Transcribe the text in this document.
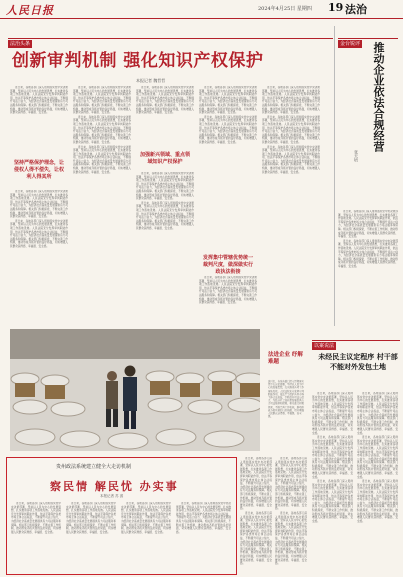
人民日报	2024年4月25日 星期四 19 法治
法治头条
创新审判机制 强化知识产权保护
本报记者 魏哲哲

连日来，各地各部门深入贯彻落实党中央决策部署，坚持以人民为中心的发展思想，扎实推进各项工作落地见效。人民法院充分发挥审判职能作用，依法平等保护各类市场主体合法权益，不断提升司法公信力，为经济社会高质量发展提供有力司法服务和保障。相关部门积极探索，不断完善工作机制，推动形成齐抓共管的良好局面，切实增强人民群众获得感、幸福感、安全感。

坚持严格保护理念，让侵权人得不偿失，让权利人得其所

连日来，各地各部门深入贯彻落实党中央决策部署，坚持以人民为中心的发展思想，扎实推进各项工作落地见效。人民法院充分发挥审判职能作用，依法平等保护各类市场主体合法权益，不断提升司法公信力，为经济社会高质量发展提供有力司法服务和保障。相关部门积极探索，不断完善工作机制，推动形成齐抓共管的良好局面，切实增强人民群众获得感、幸福感、安全感。

连日来，各地各部门深入贯彻落实党中央决策部署，坚持以人民为中心的发展思想，扎实推进各项工作落地见效。人民法院充分发挥审判职能作用，依法平等保护各类市场主体合法权益，不断提升司法公信力，为经济社会高质量发展提供有力司法服务和保障。相关部门积极探索，不断完善工作机制，推动形成齐抓共管的良好局面，切实增强人民群众获得感、幸福感、安全感。

连日来，各地各部门深入贯彻落实党中央决策部署，坚持以人民为中心的发展思想，扎实推进各项工作落地见效。人民法院充分发挥审判职能作用，依法平等保护各类市场主体合法权益，不断提升司法公信力，为经济社会高质量发展提供有力司法服务和保障。相关部门积极探索，不断完善工作机制，推动形成齐抓共管的良好局面，切实增强人民群众获得感、幸福感、安全感。

连日来，各地各部门深入贯彻落实党中央决策部署，坚持以人民为中心的发展思想，扎实推进各项工作落地见效。人民法院充分发挥审判职能作用，依法平等保护各类市场主体合法权益，不断提升司法公信力，为经济社会高质量发展提供有力司法服务和保障。相关部门积极探索，不断完善工作机制，推动形成齐抓共管的良好局面，切实增强人民群众获得感、幸福感、安全感。

连日来，各地各部门深入贯彻落实党中央决策部署，坚持以人民为中心的发展思想，扎实推进各项工作落地见效。人民法院充分发挥审判职能作用，依法平等保护各类市场主体合法权益，不断提升司法公信力，为经济社会高质量发展提供有力司法服务和保障。相关部门积极探索，不断完善工作机制，推动形成齐抓共管的良好局面，切实增强人民群众获得感、幸福感、安全感。

连日来，各地各部门深入贯彻落实党中央决策部署，坚持以人民为中心的发展思想，扎实推进各项工作落地见效。人民法院充分发挥审判职能作用，依法平等保护各类市场主体合法权益，不断提升司法公信力，为经济社会高质量发展提供有力司法服务和保障。相关部门积极探索，不断完善工作机制，推动形成齐抓共管的良好局面，切实增强人民群众获得感、幸福感、安全感。

加强新兴领域、重点领域知识产权保护

连日来，各地各部门深入贯彻落实党中央决策部署，坚持以人民为中心的发展思想，扎实推进各项工作落地见效。人民法院充分发挥审判职能作用，依法平等保护各类市场主体合法权益，不断提升司法公信力，为经济社会高质量发展提供有力司法服务和保障。相关部门积极探索，不断完善工作机制，推动形成齐抓共管的良好局面，切实增强人民群众获得感、幸福感、安全感。

连日来，各地各部门深入贯彻落实党中央决策部署，坚持以人民为中心的发展思想，扎实推进各项工作落地见效。人民法院充分发挥审判职能作用，依法平等保护各类市场主体合法权益，不断提升司法公信力，为经济社会高质量发展提供有力司法服务和保障。相关部门积极探索，不断完善工作机制，推动形成齐抓共管的良好局面，切实增强人民群众获得感、幸福感、安全感。

连日来，各地各部门深入贯彻落实党中央决策部署，坚持以人民为中心的发展思想，扎实推进各项工作落地见效。人民法院充分发挥审判职能作用，依法平等保护各类市场主体合法权益，不断提升司法公信力，为经济社会高质量发展提供有力司法服务和保障。相关部门积极探索，不断完善工作机制，推动形成齐抓共管的良好局面，切实增强人民群众获得感、幸福感、安全感。

连日来，各地各部门深入贯彻落实党中央决策部署，坚持以人民为中心的发展思想，扎实推进各项工作落地见效。人民法院充分发挥审判职能作用，依法平等保护各类市场主体合法权益，不断提升司法公信力，为经济社会高质量发展提供有力司法服务和保障。相关部门积极探索，不断完善工作机制，推动形成齐抓共管的良好局面，切实增强人民群众获得感、幸福感、安全感。

发挥集中管辖优势统一裁判尺度，做深做实行政执法衔接

连日来，各地各部门深入贯彻落实党中央决策部署，坚持以人民为中心的发展思想，扎实推进各项工作落地见效。人民法院充分发挥审判职能作用，依法平等保护各类市场主体合法权益，不断提升司法公信力，为经济社会高质量发展提供有力司法服务和保障。相关部门积极探索，不断完善工作机制，推动形成齐抓共管的良好局面，切实增强人民群众获得感、幸福感、安全感。

连日来，各地各部门深入贯彻落实党中央决策部署，坚持以人民为中心的发展思想，扎实推进各项工作落地见效。人民法院充分发挥审判职能作用，依法平等保护各类市场主体合法权益，不断提升司法公信力，为经济社会高质量发展提供有力司法服务和保障。相关部门积极探索，不断完善工作机制，推动形成齐抓共管的良好局面，切实增强人民群众获得感、幸福感、安全感。

连日来，各地各部门深入贯彻落实党中央决策部署，坚持以人民为中心的发展思想，扎实推进各项工作落地见效。人民法院充分发挥审判职能作用，依法平等保护各类市场主体合法权益，不断提升司法公信力，为经济社会高质量发展提供有力司法服务和保障。相关部门积极探索，不断完善工作机制，推动形成齐抓共管的良好局面，切实增强人民群众获得感、幸福感、安全感。

连日来，各地各部门深入贯彻落实党中央决策部署，坚持以人民为中心的发展思想，扎实推进各项工作落地见效。人民法院充分发挥审判职能作用，依法平等保护各类市场主体合法权益，不断提升司法公信力，为经济社会高质量发展提供有力司法服务和保障。相关部门积极探索，不断完善工作机制，推动形成齐抓共管的良好局面，切实增强人民群众获得感、幸福感、安全感。

金台锐评 推动企业依法合规经营
张天培

连日来，各地各部门深入贯彻落实党中央决策部署，坚持以人民为中心的发展思想，扎实推进各项工作落地见效。人民法院充分发挥审判职能作用，依法平等保护各类市场主体合法权益，不断提升司法公信力，为经济社会高质量发展提供有力司法服务和保障。相关部门积极探索，不断完善工作机制，推动形成齐抓共管的良好局面，切实增强人民群众获得感、幸福感、安全感。

连日来，各地各部门深入贯彻落实党中央决策部署，坚持以人民为中心的发展思想，扎实推进各项工作落地见效。人民法院充分发挥审判职能作用，依法平等保护各类市场主体合法权益，不断提升司法公信力，为经济社会高质量发展提供有力司法服务和保障。相关部门积极探索，不断完善工作机制，推动形成齐抓共管的良好局面，切实增强人民群众获得感、幸福感、安全感。

法进企业 纾解难题
连日来，各地各部门深入贯彻落实党中央决策部署，坚持以人民为中心的发展思想，扎实推进各项工作落地见效。人民法院充分发挥审判职能作用，依法平等保护各类市场主体合法权益，不断提升司法公信力，为经济社会高质量发展提供有力司法服务和保障。相关部门积极探索，不断完善工作机制，推动形成齐抓共管的良好局面，切实增强人民群众获得感、幸福感、安全感。
以案说法
未经民主议定程序 村干部不能对外发包土地

连日来，各地各部门深入贯彻落实党中央决策部署，坚持以人民为中心的发展思想，扎实推进各项工作落地见效。人民法院充分发挥审判职能作用，依法平等保护各类市场主体合法权益，不断提升司法公信力，为经济社会高质量发展提供有力司法服务和保障。相关部门积极探索，不断完善工作机制，推动形成齐抓共管的良好局面，切实增强人民群众获得感、幸福感、安全感。

连日来，各地各部门深入贯彻落实党中央决策部署，坚持以人民为中心的发展思想，扎实推进各项工作落地见效。人民法院充分发挥审判职能作用，依法平等保护各类市场主体合法权益，不断提升司法公信力，为经济社会高质量发展提供有力司法服务和保障。相关部门积极探索，不断完善工作机制，推动形成齐抓共管的良好局面，切实增强人民群众获得感、幸福感、安全感。

连日来，各地各部门深入贯彻落实党中央决策部署，坚持以人民为中心的发展思想，扎实推进各项工作落地见效。人民法院充分发挥审判职能作用，依法平等保护各类市场主体合法权益，不断提升司法公信力，为经济社会高质量发展提供有力司法服务和保障。相关部门积极探索，不断完善工作机制，推动形成齐抓共管的良好局面，切实增强人民群众获得感、幸福感、安全感。

连日来，各地各部门深入贯彻落实党中央决策部署，坚持以人民为中心的发展思想，扎实推进各项工作落地见效。人民法院充分发挥审判职能作用，依法平等保护各类市场主体合法权益，不断提升司法公信力，为经济社会高质量发展提供有力司法服务和保障。相关部门积极探索，不断完善工作机制，推动形成齐抓共管的良好局面，切实增强人民群众获得感、幸福感、安全感。

连日来，各地各部门深入贯彻落实党中央决策部署，坚持以人民为中心的发展思想，扎实推进各项工作落地见效。人民法院充分发挥审判职能作用，依法平等保护各类市场主体合法权益，不断提升司法公信力，为经济社会高质量发展提供有力司法服务和保障。相关部门积极探索，不断完善工作机制，推动形成齐抓共管的良好局面，切实增强人民群众获得感、幸福感、安全感。

连日来，各地各部门深入贯彻落实党中央决策部署，坚持以人民为中心的发展思想，扎实推进各项工作落地见效。人民法院充分发挥审判职能作用，依法平等保护各类市场主体合法权益，不断提升司法公信力，为经济社会高质量发展提供有力司法服务和保障。相关部门积极探索，不断完善工作机制，推动形成齐抓共管的良好局面，切实增强人民群众获得感、幸福感、安全感。

连日来，各地各部门深入贯彻落实党中央决策部署，坚持以人民为中心的发展思想，扎实推进各项工作落地见效。人民法院充分发挥审判职能作用，依法平等保护各类市场主体合法权益，不断提升司法公信力，为经济社会高质量发展提供有力司法服务和保障。相关部门积极探索，不断完善工作机制，推动形成齐抓共管的良好局面，切实增强人民群众获得感、幸福感、安全感。

连日来，各地各部门深入贯彻落实党中央决策部署，坚持以人民为中心的发展思想，扎实推进各项工作落地见效。人民法院充分发挥审判职能作用，依法平等保护各类市场主体合法权益，不断提升司法公信力，为经济社会高质量发展提供有力司法服务和保障。相关部门积极探索，不断完善工作机制，推动形成齐抓共管的良好局面，切实增强人民群众获得感、幸福感、安全感。

连日来，各地各部门深入贯彻落实党中央决策部署，坚持以人民为中心的发展思想，扎实推进各项工作落地见效。人民法院充分发挥审判职能作用，依法平等保护各类市场主体合法权益，不断提升司法公信力，为经济社会高质量发展提供有力司法服务和保障。相关部门积极探索，不断完善工作机制，推动形成齐抓共管的良好局面，切实增强人民群众获得感、幸福感、安全感。

连日来，各地各部门深入贯彻落实党中央决策部署，坚持以人民为中心的发展思想，扎实推进各项工作落地见效。人民法院充分发挥审判职能作用，依法平等保护各类市场主体合法权益，不断提升司法公信力，为经济社会高质量发展提供有力司法服务和保障。相关部门积极探索，不断完善工作机制，推动形成齐抓共管的良好局面，切实增强人民群众获得感、幸福感、安全感。

贵州政法系统建立健全大走访机制
察民情 解民忧 办实事
本报记者 苏 滨

连日来，各地各部门深入贯彻落实党中央决策部署，坚持以人民为中心的发展思想，扎实推进各项工作落地见效。人民法院充分发挥审判职能作用，依法平等保护各类市场主体合法权益，不断提升司法公信力，为经济社会高质量发展提供有力司法服务和保障。相关部门积极探索，不断完善工作机制，推动形成齐抓共管的良好局面，切实增强人民群众获得感、幸福感、安全感。

连日来，各地各部门深入贯彻落实党中央决策部署，坚持以人民为中心的发展思想，扎实推进各项工作落地见效。人民法院充分发挥审判职能作用，依法平等保护各类市场主体合法权益，不断提升司法公信力，为经济社会高质量发展提供有力司法服务和保障。相关部门积极探索，不断完善工作机制，推动形成齐抓共管的良好局面，切实增强人民群众获得感、幸福感、安全感。

连日来，各地各部门深入贯彻落实党中央决策部署，坚持以人民为中心的发展思想，扎实推进各项工作落地见效。人民法院充分发挥审判职能作用，依法平等保护各类市场主体合法权益，不断提升司法公信力，为经济社会高质量发展提供有力司法服务和保障。相关部门积极探索，不断完善工作机制，推动形成齐抓共管的良好局面，切实增强人民群众获得感、幸福感、安全感。

连日来，各地各部门深入贯彻落实党中央决策部署，坚持以人民为中心的发展思想，扎实推进各项工作落地见效。人民法院充分发挥审判职能作用，依法平等保护各类市场主体合法权益，不断提升司法公信力，为经济社会高质量发展提供有力司法服务和保障。相关部门积极探索，不断完善工作机制，推动形成齐抓共管的良好局面，切实增强人民群众获得感、幸福感、安全感。
